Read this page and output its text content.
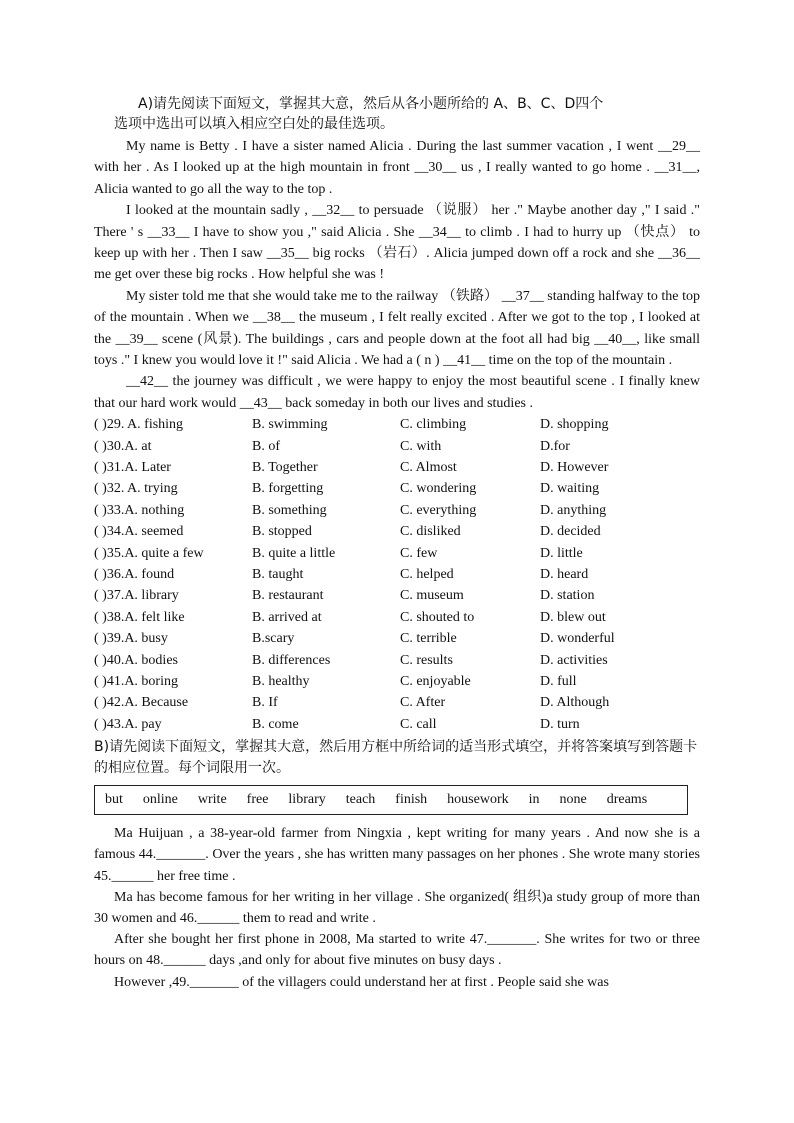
A)请先阅读下面短文，掌握其大意，然后从各小题所给的 A、B、C、D四个
选项中选出可以填入相应空白处的最佳选项。

My name is Betty . I have a sister named Alicia . During the last summer vacation , I went __29__ with her . As I looked up at the high mountain in front __30__ us , I really wanted to go home . __31__, Alicia wanted to go all the way to the top .

I looked at the mountain sadly , __32__ to persuade （说服） her ." Maybe another day ," I said ." There ' s __33__ I have to show you ," said Alicia . She __34__ to climb . I had to hurry up （快点） to keep up with her . Then I saw __35__ big rocks （岩石）. Alicia jumped down off a rock and she __36__ me get over these big rocks . How helpful she was !

My sister told me that she would take me to the railway （铁路） __37__ standing halfway to the top of the mountain . When we __38__ the museum , I felt really excited . After we got to the top , I looked at the __39__ scene (风景). The buildings , cars and people down at the foot all had big __40__, like small toys ." I knew you would love it !" said Alicia . We had a ( n ) __41__ time on the top of the mountain .

__42__ the journey was difficult , we were happy to enjoy the most beautiful scene . I finally knew that our hard work would __43__ back someday in both our lives and studies .

( )29. A. fishing	B. swimming	C. climbing	D. shopping
( )30.A. at	B. of	C. with	D.for
( )31.A. Later	B. Together	C. Almost	D. However
( )32. A. trying	B. forgetting	C. wondering	D. waiting
( )33.A. nothing	B. something	C. everything	D. anything
( )34.A. seemed	B. stopped	C. disliked	D. decided
( )35.A. quite a few	B. quite a little	C. few	D. little
( )36.A. found	B. taught	C. helped	D. heard
( )37.A. library	B. restaurant	C. museum	D. station
( )38.A. felt like	B. arrived at	C. shouted to	D. blew out
( )39.A. busy	B.scary	C. terrible	D. wonderful
( )40.A. bodies	B. differences	C. results	D. activities
( )41.A. boring	B. healthy	C. enjoyable	D. full
( )42.A. Because	B. If	C. After	D. Although
( )43.A. pay	B. come	C. call	D. turn
B)请先阅读下面短文，掌握其大意，然后用方框中所给词的适当形式填空，并将答案填写到答题卡的相应位置。每个词限用一次。
but online write free library teach finish housework in none dreams

Ma Huijuan , a 38-year-old farmer from Ningxia , kept writing for many years . And now she is a famous 44._______. Over the years , she has written many passages on her phones . She wrote many stories 45.______ her free time .

Ma has become famous for her writing in her village . She organized( 组织)a study group of more than 30 women and 46.______ them to read and write .

After she bought her first phone in 2008, Ma started to write 47._______. She writes for two or three hours on 48.______ days ,and only for about five minutes on busy days .

However ,49._______ of the villagers could understand her at first . People said she was
